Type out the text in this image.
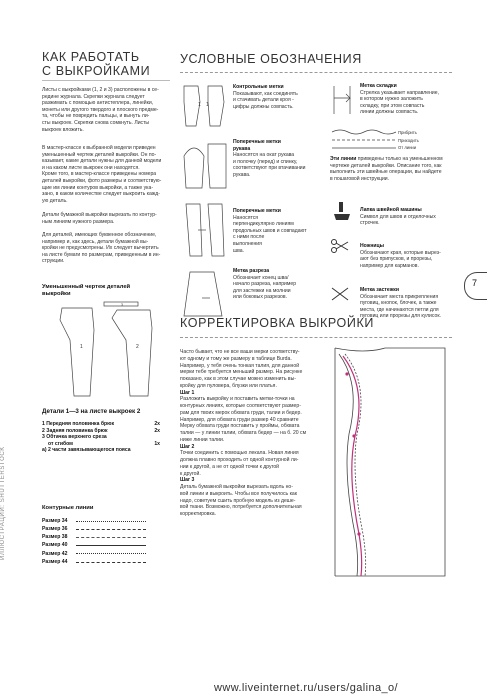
КАК РАБОТАТЬ
С ВЫКРОЙКАМИ
Листы с выкройками (1, 2 и 3) расположены в се-
редине журнала. Скрепки журнала следует
разжимать с помощью антистеплера, линейки,
монеты или другого твердого и плоского предме-
та, чтобы не повредить пальцы, и вынуть ли-
сты выкроек. Скрепки снова сомкнуть. Листы
выкроек вложить.
В мастер-классе к выбранной модели приведен
уменьшенный чертеж деталей выкройки. Он по-
казывает, какие детали нужны для данной модели
и на каком листе выкроек они находятся.
Кроме того, в мастер-классе приведены номера
деталей выкройки, фото размеры и соответствую-
щие им линии контуров выкройки, а также ука-
зано, в каком количестве следует выкроить кажд-
ую деталь.
Детали бумажной выкройки вырезать по контур-
ным линиям нужного размера.
Для деталей, имеющих буквенное обозначение,
например и, как здесь, детали бумажной вы-
кройки не предусмотрены. Их следует вычертить
на листе бумаги по размерам, приведенным в ин-
струкции.
Уменьшенный чертеж деталей
выкройки
1	2
3
Детали 1—3 на листе выкроек 2
1 Передняя половинка брюк	2x
2 Задняя половинка брюк	2x
3 Обтачка верхнего среза
от сгибом	1x
а) 2 части завязывающегося пояса
Контурные линии
Размер 34
Размер 36
Размер 38
Размер 40
Размер 42
Размер 44
ИЛЛЮСТРАЦИИ: SHUTTERSTOCK
УСЛОВНЫЕ ОБОЗНАЧЕНИЯ
1 1
Контрольные метки
Показывают, как соединять
и стачивать детали кроя -
цифры должны совпасть.
Поперечные метки
рукава
Наносятся на окат рукава
и полочку (перед) и спинку,
соответствуют при втачивании
рукава.
Поперечные метки
Наносятся
перпендикулярно линиям
продольных швов и совпадают
с ними после
выполнения
шва.
Метка разреза
Обозначает конец шва/
начало разреза, например
для застежки на молнии
или боковых разрезов.
Метка складки
Стрелка указывает направление,
в котором нужно заложить
складку, при этом совпасть
линии должны совпасть.
Прибрить
Приходить
От линии
Эти линии приведены только на уменьшенном
чертеже деталей выкройки. Описание того, как
выполнить эти швейные операции, вы найдете
в пошаговой инструкции.
Лапка швейной машины
Символ для швов и отделочных
строчек.
Ножницы
Обозначают края, которые вырез-
ают без припусков, и прорезы,
например для карманов.
Метка застежки
Обозначает места прикрепления
пуговиц, кнопок, блочек, а также
места, где начинаются петли для
пуговиц или прорезы для кулисок.
7
КОРРЕКТИРОВКА ВЫКРОЙКИ
Часто бывает, что не все ваши мерки соответству-
ют одному и тому же размеру в таблице Burda.
Например, у тебя очень тонкая талия, для данной
мерки тебе требуется меньший размер. На рисунке
показано, как в этом случае можно изменить вы-
кройку для пуловера, блузки или платья.
Шаг 1
Разложить выкройку и поставить метки-точки на
контурных линиях, которые соответствуют размер-
рам для твоих мерок обхвата груди, талии и бедер.
Например, для обхвата груди размер 40 сравните
Мерку обхвата груди поставить у проймы, обхвата
талии — у линии талии, обхвата бедер — на б. 20 см
ниже линии талии.
Шаг 2
Точки соединить с помощью лекала. Новая линия
должна плавно проходить от одной контурной ли-
нии к другой, а не от одной точки к другой
к другой.
Шаг 3
Деталь бумажной выкройки вырезать вдоль но-
вой линии и выкроить. Чтобы все получилось как
надо, советуем сшить пробную модель из деше-
вой ткани. Возможно, потребуется дополнительная
корректировка.
www.liveinternet.ru/users/galina_o/
